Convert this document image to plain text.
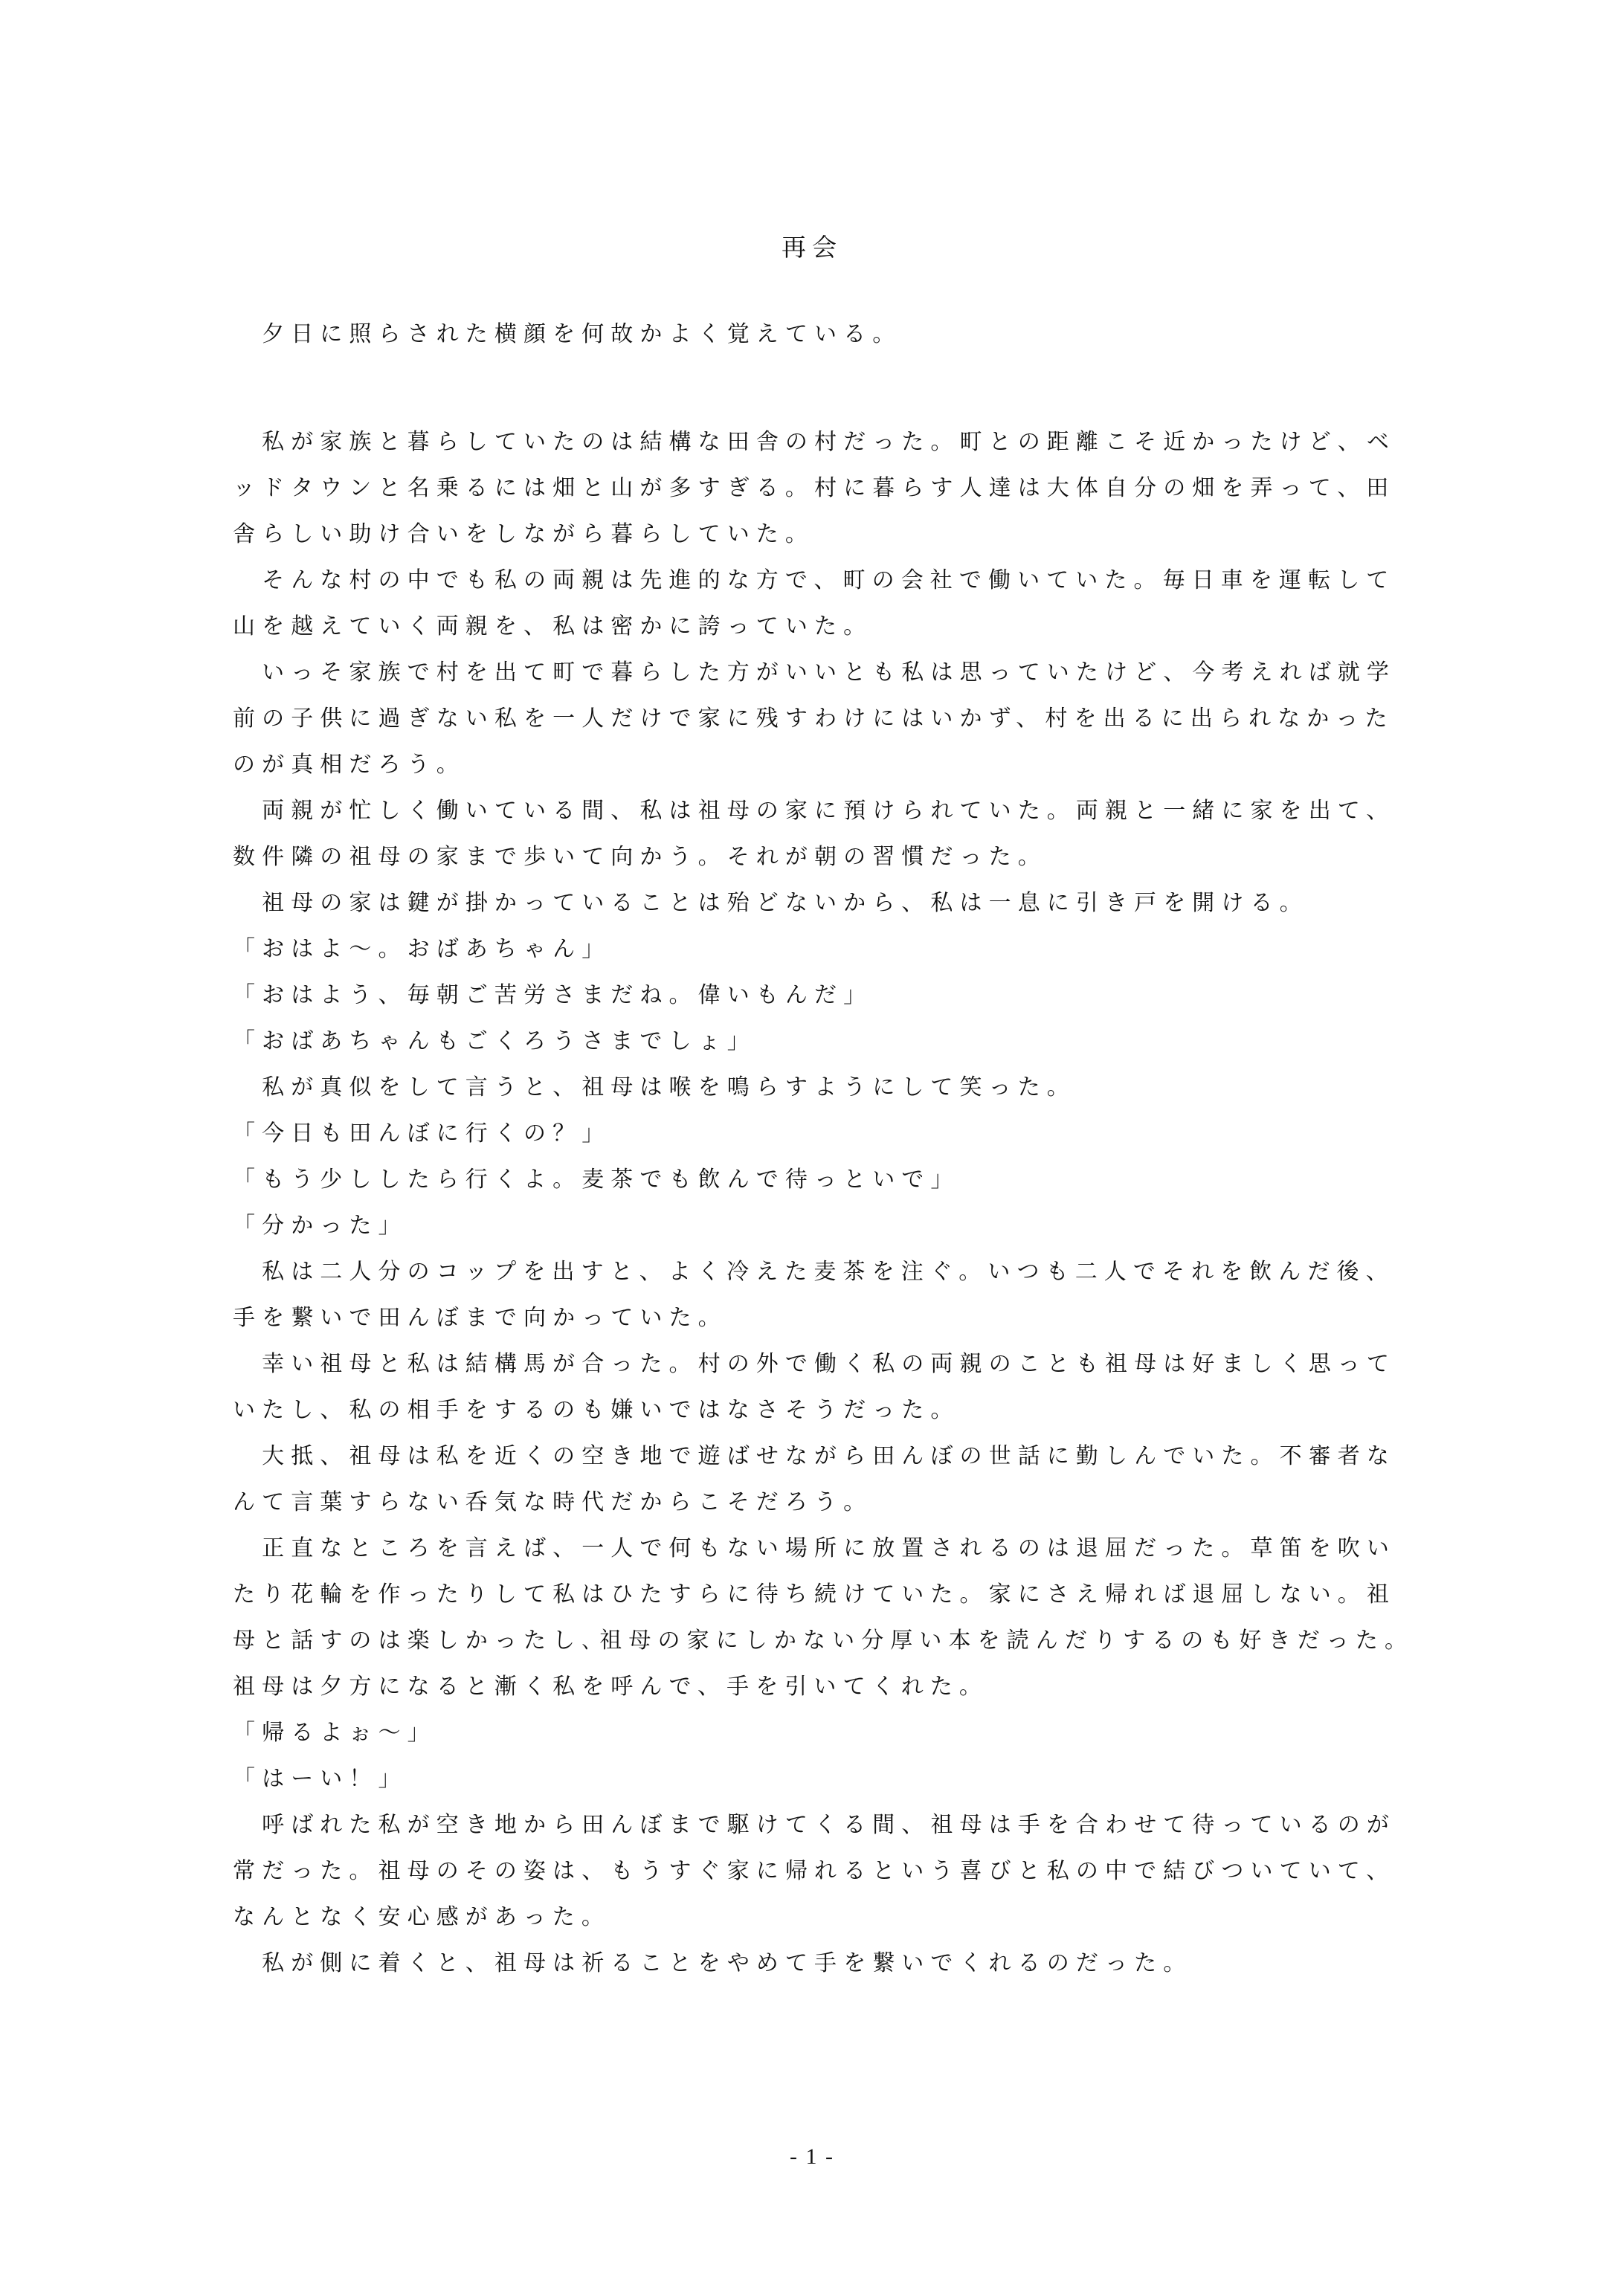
再会
　夕日に照らされた横顔を何故かよく覚えている。
　私が家族と暮らしていたのは結構な田舎の村だった。町との距離こそ近かったけど、ベ
ッドタウンと名乗るには畑と山が多すぎる。村に暮らす人達は大体自分の畑を弄って、田
舎らしい助け合いをしながら暮らしていた。
　そんな村の中でも私の両親は先進的な方で、町の会社で働いていた。毎日車を運転して
山を越えていく両親を、私は密かに誇っていた。
　いっそ家族で村を出て町で暮らした方がいいとも私は思っていたけど、今考えれば就学
前の子供に過ぎない私を一人だけで家に残すわけにはいかず、村を出るに出られなかった
のが真相だろう。
　両親が忙しく働いている間、私は祖母の家に預けられていた。両親と一緒に家を出て、
数件隣の祖母の家まで歩いて向かう。それが朝の習慣だった。
　祖母の家は鍵が掛かっていることは殆どないから、私は一息に引き戸を開ける。
「おはよ～。おばあちゃん」
「おはよう、毎朝ご苦労さまだね。偉いもんだ」
「おばあちゃんもごくろうさまでしょ」
　私が真似をして言うと、祖母は喉を鳴らすようにして笑った。
「今日も田んぼに行くの？」
「もう少ししたら行くよ。麦茶でも飲んで待っといで」
「分かった」
　私は二人分のコップを出すと、よく冷えた麦茶を注ぐ。いつも二人でそれを飲んだ後、
手を繋いで田んぼまで向かっていた。
　幸い祖母と私は結構馬が合った。村の外で働く私の両親のことも祖母は好ましく思って
いたし、私の相手をするのも嫌いではなさそうだった。
　大抵、祖母は私を近くの空き地で遊ばせながら田んぼの世話に勤しんでいた。不審者な
んて言葉すらない呑気な時代だからこそだろう。
　正直なところを言えば、一人で何もない場所に放置されるのは退屈だった。草笛を吹い
たり花輪を作ったりして私はひたすらに待ち続けていた。家にさえ帰れば退屈しない。祖
母と話すのは楽しかったし､祖母の家にしかない分厚い本を読んだりするのも好きだった。
祖母は夕方になると漸く私を呼んで、手を引いてくれた。
「帰るよぉ～」
「はーい！」
　呼ばれた私が空き地から田んぼまで駆けてくる間、祖母は手を合わせて待っているのが
常だった。祖母のその姿は、もうすぐ家に帰れるという喜びと私の中で結びついていて、
なんとなく安心感があった。
　私が側に着くと、祖母は祈ることをやめて手を繋いでくれるのだった。
- 1 -
